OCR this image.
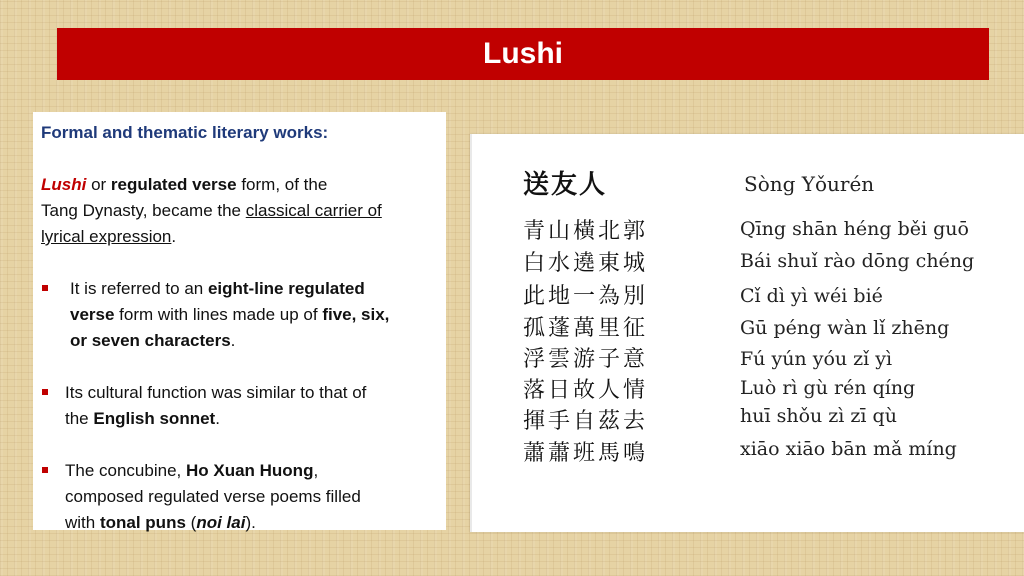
Lushi

Formal and thematic literary works:

Lushi or regulated verse form, of the
Tang Dynasty, became the classical carrier of
lyrical expression.

It is referred to an eight-line regulated
verse form with lines made up of five, six,
or seven characters.

Its cultural function was similar to that of
the English sonnet.

The concubine, Ho Xuan Huong,
composed regulated verse poems filled
with tonal puns (noi lai).

送友人	Sòng Yǒurén
青山橫北郭	Qīng shān héng běi guō
白水遶東城	Bái shuǐ rào dōng chéng
此地一為別	Cǐ dì yì wéi bié
孤蓬萬里征	Gū péng wàn lǐ zhēng
浮雲游子意	Fú yún yóu zǐ yì
落日故人情	Luò rì gù rén qíng
揮手自茲去	huī shǒu zì zī qù
蕭蕭班馬鳴	xiāo xiāo bān mǎ míng
